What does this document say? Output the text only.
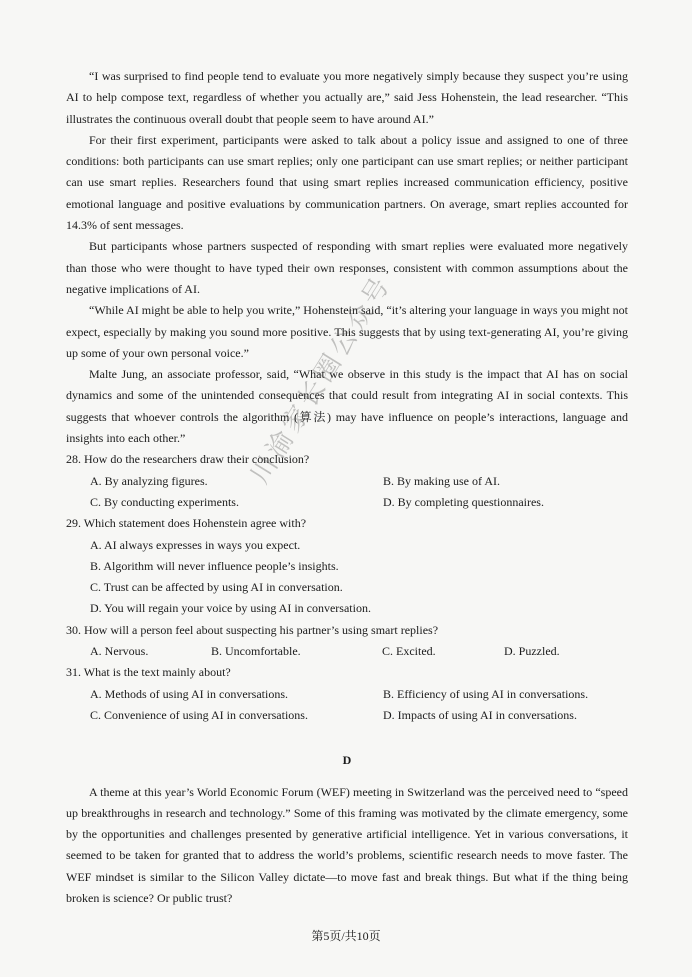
“I was surprised to find people tend to evaluate you more negatively simply because they suspect you’re using AI to help compose text, regardless of whether you actually are,” said Jess Hohenstein, the lead researcher. “This illustrates the continuous overall doubt that people seem to have around AI.”
For their first experiment, participants were asked to talk about a policy issue and assigned to one of three conditions: both participants can use smart replies; only one participant can use smart replies; or neither participant can use smart replies. Researchers found that using smart replies increased communication efficiency, positive emotional language and positive evaluations by communication partners. On average, smart replies accounted for 14.3% of sent messages.
But participants whose partners suspected of responding with smart replies were evaluated more negatively than those who were thought to have typed their own responses, consistent with common assumptions about the negative implications of AI.
“While AI might be able to help you write,” Hohenstein said, “it’s altering your language in ways you might not expect, especially by making you sound more positive. This suggests that by using text-generating AI, you’re giving up some of your own personal voice.”
Malte Jung, an associate professor, said, “What we observe in this study is the impact that AI has on social dynamics and some of the unintended consequences that could result from integrating AI in social contexts. This suggests that whoever controls the algorithm (算法) may have influence on people’s interactions, language and insights into each other.”
28. How do the researchers draw their conclusion?
A. By analyzing figures.	B. By making use of AI.
C. By conducting experiments.	D. By completing questionnaires.
29. Which statement does Hohenstein agree with?
A. AI always expresses in ways you expect.
B. Algorithm will never influence people’s insights.
C. Trust can be affected by using AI in conversation.
D. You will regain your voice by using AI in conversation.
30. How will a person feel about suspecting his partner’s using smart replies?
A. Nervous.	B. Uncomfortable.	C. Excited.	D. Puzzled.
31. What is the text mainly about?
A. Methods of using AI in conversations.	B. Efficiency of using AI in conversations.
C. Convenience of using AI in conversations.	D. Impacts of using AI in conversations.
D
A theme at this year’s World Economic Forum (WEF) meeting in Switzerland was the perceived need to “speed up breakthroughs in research and technology.” Some of this framing was motivated by the climate emergency, some by the opportunities and challenges presented by generative artificial intelligence. Yet in various conversations, it seemed to be taken for granted that to address the world’s problems, scientific research needs to move faster. The WEF mindset is similar to the Silicon Valley dictate—to move fast and break things. But what if the thing being broken is science? Or public trust?
川渝家长圈公众号
第5页/共10页
